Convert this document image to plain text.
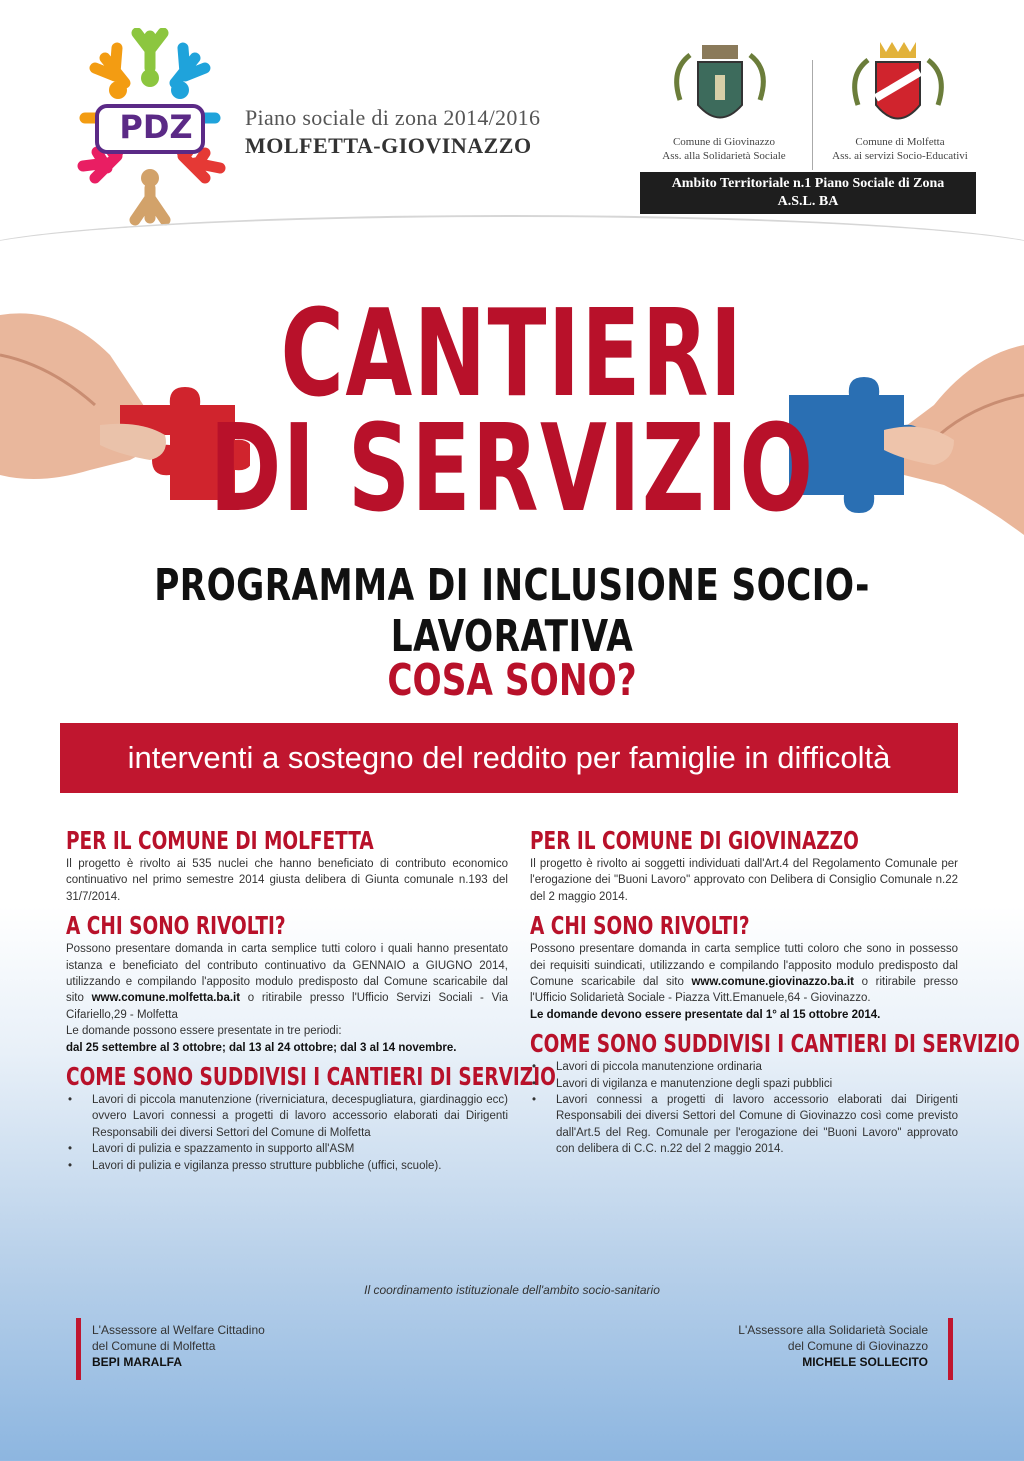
PDZ	Piano sociale di zona 2014/2016
MOLFETTA-GIOVINAZZO	Comune di Giovinazzo
Ass. alla Solidarietà Sociale
Comune di Molfetta
Ass. ai servizi Socio-Educativi
Ambito Territoriale n.1 Piano Sociale di Zona
A.S.L. BA
CANTIERI
DI SERVIZIO
PROGRAMMA DI INCLUSIONE SOCIO-LAVORATIVA
COSA SONO?
interventi a sostegno del reddito per famiglie in difficoltà
PER IL COMUNE DI MOLFETTA

Il progetto è rivolto ai 535 nuclei che hanno beneficiato di contributo economico continuativo nel primo semestre 2014 giusta delibera di Giunta comunale n.193 del 31/7/2014.

A CHI SONO RIVOLTI?

Possono presentare domanda in carta semplice tutti coloro i quali hanno presentato istanza e beneficiato del contributo continuativo da GENNAIO a GIUGNO 2014, utilizzando e compilando l'apposito modulo predisposto dal Comune scaricabile dal sito www.comune.molfetta.ba.it o ritirabile presso l'Ufficio Servizi Sociali - Via Cifariello,29 - Molfetta
Le domande possono essere presentate in tre periodi:
dal 25 settembre al 3 ottobre; dal 13 al 24 ottobre; dal 3 al 14 novembre.

COME SONO SUDDIVISI I CANTIERI DI SERVIZIO
• Lavori di piccola manutenzione (riverniciatura, decespugliatura, giardinaggio ecc) ovvero Lavori connessi a progetti di lavoro accessorio elaborati dai Dirigenti Responsabili dei diversi Settori del Comune di Molfetta
• Lavori di pulizia e spazzamento in supporto all'ASM
• Lavori di pulizia e vigilanza presso strutture pubbliche (uffici, scuole).
PER IL COMUNE DI GIOVINAZZO

Il progetto è rivolto ai soggetti individuati dall'Art.4 del Regolamento Comunale per l'erogazione dei "Buoni Lavoro" approvato con Delibera di Consiglio Comunale n.22 del 2 maggio 2014.

A CHI SONO RIVOLTI?

Possono presentare domanda in carta semplice tutti coloro che sono in possesso dei requisiti suindicati, utilizzando e compilando l'apposito modulo predisposto dal Comune scaricabile dal sito www.comune.giovinazzo.ba.it o ritirabile presso l'Ufficio Solidarietà Sociale - Piazza Vitt.Emanuele,64 - Giovinazzo.
Le domande devono essere presentate dal 1° al 15 ottobre 2014.

COME SONO SUDDIVISI I CANTIERI DI SERVIZIO
• Lavori di piccola manutenzione ordinaria
• Lavori di vigilanza e manutenzione degli spazi pubblici
• Lavori connessi a progetti di lavoro accessorio elaborati dai Dirigenti Responsabili dei diversi Settori del Comune di Giovinazzo così come previsto dall'Art.5 del Reg. Comunale per l'erogazione dei "Buoni Lavoro" approvato con delibera di C.C. n.22 del 2 maggio 2014.
Il coordinamento istituzionale dell'ambito socio-sanitario
L'Assessore al Welfare Cittadino
del Comune di Molfetta
BEPI MARALFA
L'Assessore alla Solidarietà Sociale
del Comune di Giovinazzo
MICHELE SOLLECITO
